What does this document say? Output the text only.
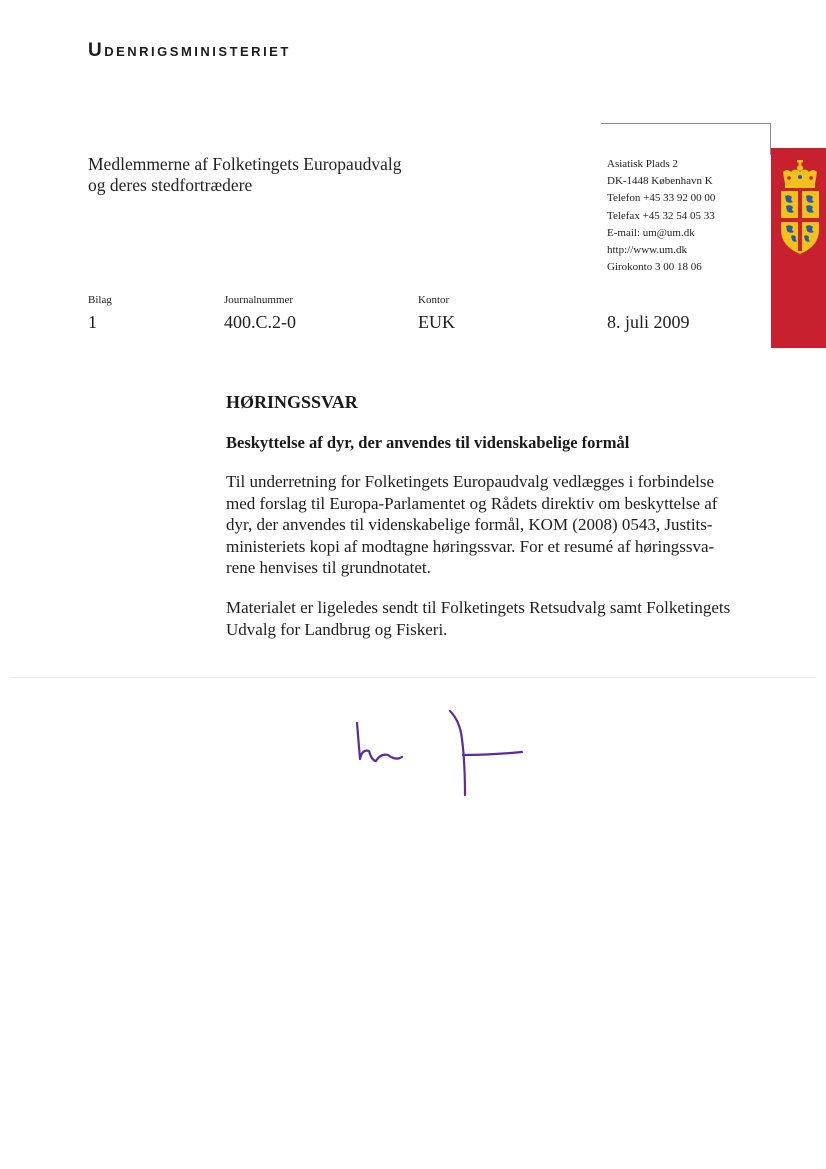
Udenrigsministeriet
Medlemmerne af Folketingets Europaudvalg
og deres stedfortrædere
Asiatisk Plads 2
DK-1448 København K
Telefon +45 33 92 00 00
Telefax +45 32 54 05 33
E-mail: um@um.dk
http://www.um.dk
Girokonto 3 00 18 06
Bilag
1
Journalnummer
400.C.2-0
Kontor
EUK	8. juli 2009
HØRINGSSVAR
Beskyttelse af dyr, der anvendes til videnskabelige formål

Til underretning for Folketingets Europaudvalg vedlægges i forbindelse
med forslag til Europa-Parlamentet og Rådets direktiv om beskyttelse af
dyr, der anvendes til videnskabelige formål, KOM (2008) 0543, Justits-
ministeriets kopi af modtagne høringssvar. For et resumé af høringssva-
rene henvises til grundnotatet.

Materialet er ligeledes sendt til Folketingets Retsudvalg samt Folketingets
Udvalg for Landbrug og Fiskeri.
